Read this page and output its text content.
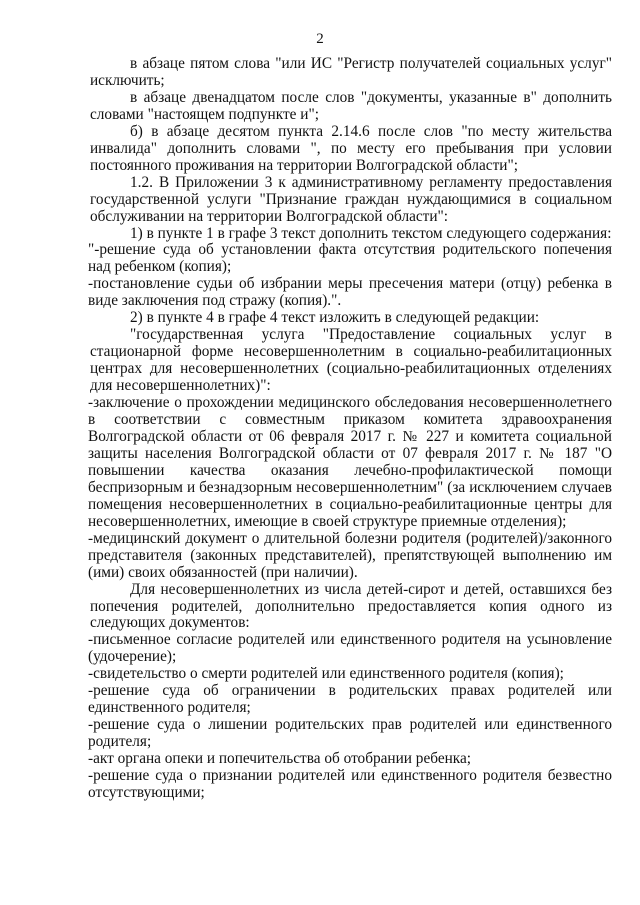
2

в абзаце пятом слова "или ИС "Регистр получателей социальных услуг" исключить;

в абзаце двенадцатом после слов "документы, указанные в" дополнить словами "настоящем подпункте и";

б) в абзаце десятом пункта 2.14.6 после слов "по месту жительства инвалида" дополнить словами ", по месту его пребывания при условии постоянного проживания на территории Волгоградской области";

1.2. В Приложении 3 к административному регламенту предоставления государственной услуги "Признание граждан нуждающимися в социальном обслуживании на территории Волгоградской области":

1) в пункте 1 в графе 3 текст дополнить текстом следующего содержания:

"-решение суда об установлении факта отсутствия родительского попечения над ребенком (копия);

-постановление судьи об избрании меры пресечения матери (отцу) ребенка в виде заключения под стражу (копия).".

2) в пункте 4 в графе 4 текст изложить в следующей редакции:

"государственная услуга "Предоставление социальных услуг в стационарной форме несовершеннолетним в социально-реабилитационных центрах для несовершеннолетних (социально-реабилитационных отделениях для несовершеннолетних)":

-заключение о прохождении медицинского обследования несовершеннолетнего в соответствии с совместным приказом комитета здравоохранения Волгоградской области от 06 февраля 2017 г. № 227 и комитета социальной защиты населения Волгоградской области от 07 февраля 2017 г. № 187 "О повышении качества оказания лечебно-профилактической помощи беспризорным и безнадзорным несовершеннолетним" (за исключением случаев помещения несовершеннолетних в социально-реабилитационные центры для несовершеннолетних, имеющие в своей структуре приемные отделения);

-медицинский документ о длительной болезни родителя (родителей)/законного представителя (законных представителей), препятствующей выполнению им (ими) своих обязанностей (при наличии).

Для несовершеннолетних из числа детей-сирот и детей, оставшихся без попечения родителей, дополнительно предоставляется копия одного из следующих документов:

-письменное согласие родителей или единственного родителя на усыновление (удочерение);

-свидетельство о смерти родителей или единственного родителя (копия);

-решение суда об ограничении в родительских правах родителей или единственного родителя;

-решение суда о лишении родительских прав родителей или единственного родителя;

-акт органа опеки и попечительства об отобрании ребенка;

-решение суда о признании родителей или единственного родителя безвестно отсутствующими;
